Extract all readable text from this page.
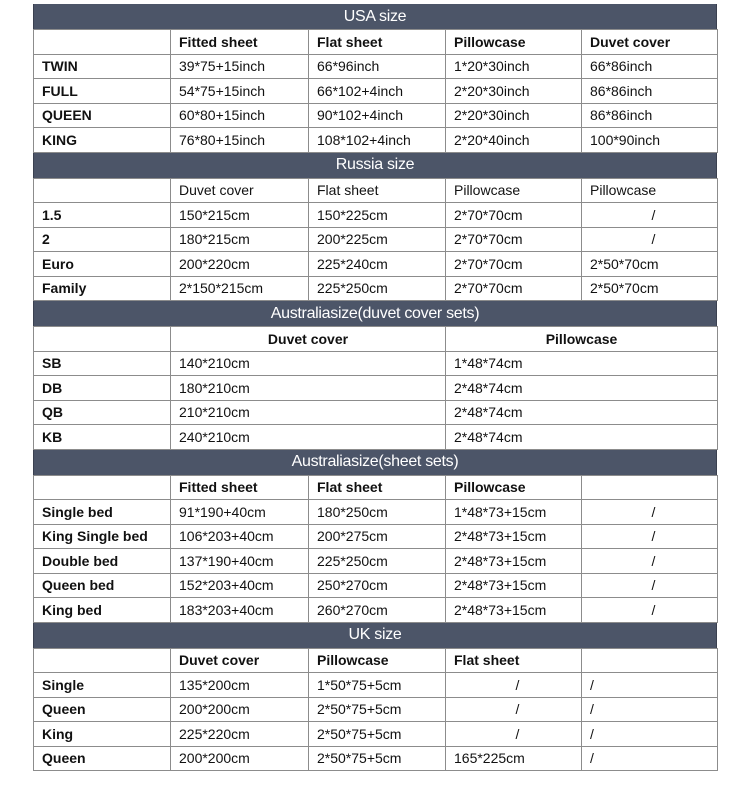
USA size
	Fitted sheet	Flat sheet	Pillowcase	Duvet cover
TWIN	39*75+15inch	66*96inch	1*20*30inch	66*86inch
FULL	54*75+15inch	66*102+4inch	2*20*30inch	86*86inch
QUEEN	60*80+15inch	90*102+4inch	2*20*30inch	86*86inch
KING	76*80+15inch	108*102+4inch	2*20*40inch	100*90inch
Russia size
	Duvet cover	Flat sheet	Pillowcase	Pillowcase
1.5	150*215cm	150*225cm	2*70*70cm	/
2	180*215cm	200*225cm	2*70*70cm	/
Euro	200*220cm	225*240cm	2*70*70cm	2*50*70cm
Family	2*150*215cm	225*250cm	2*70*70cm	2*50*70cm
Australiasize(duvet cover sets)
	Duvet cover	Pillowcase
SB	140*210cm	1*48*74cm
DB	180*210cm	2*48*74cm
QB	210*210cm	2*48*74cm
KB	240*210cm	2*48*74cm
Australiasize(sheet sets)
	Fitted sheet	Flat sheet	Pillowcase	
Single bed	91*190+40cm	180*250cm	1*48*73+15cm	/
King Single bed	106*203+40cm	200*275cm	2*48*73+15cm	/
Double bed	137*190+40cm	225*250cm	2*48*73+15cm	/
Queen bed	152*203+40cm	250*270cm	2*48*73+15cm	/
King bed	183*203+40cm	260*270cm	2*48*73+15cm	/
UK size
	Duvet cover	Pillowcase	Flat sheet	
Single	135*200cm	1*50*75+5cm	/	/
Queen	200*200cm	2*50*75+5cm	/	/
King	225*220cm	2*50*75+5cm	/	/
Queen	200*200cm	2*50*75+5cm	165*225cm	/
